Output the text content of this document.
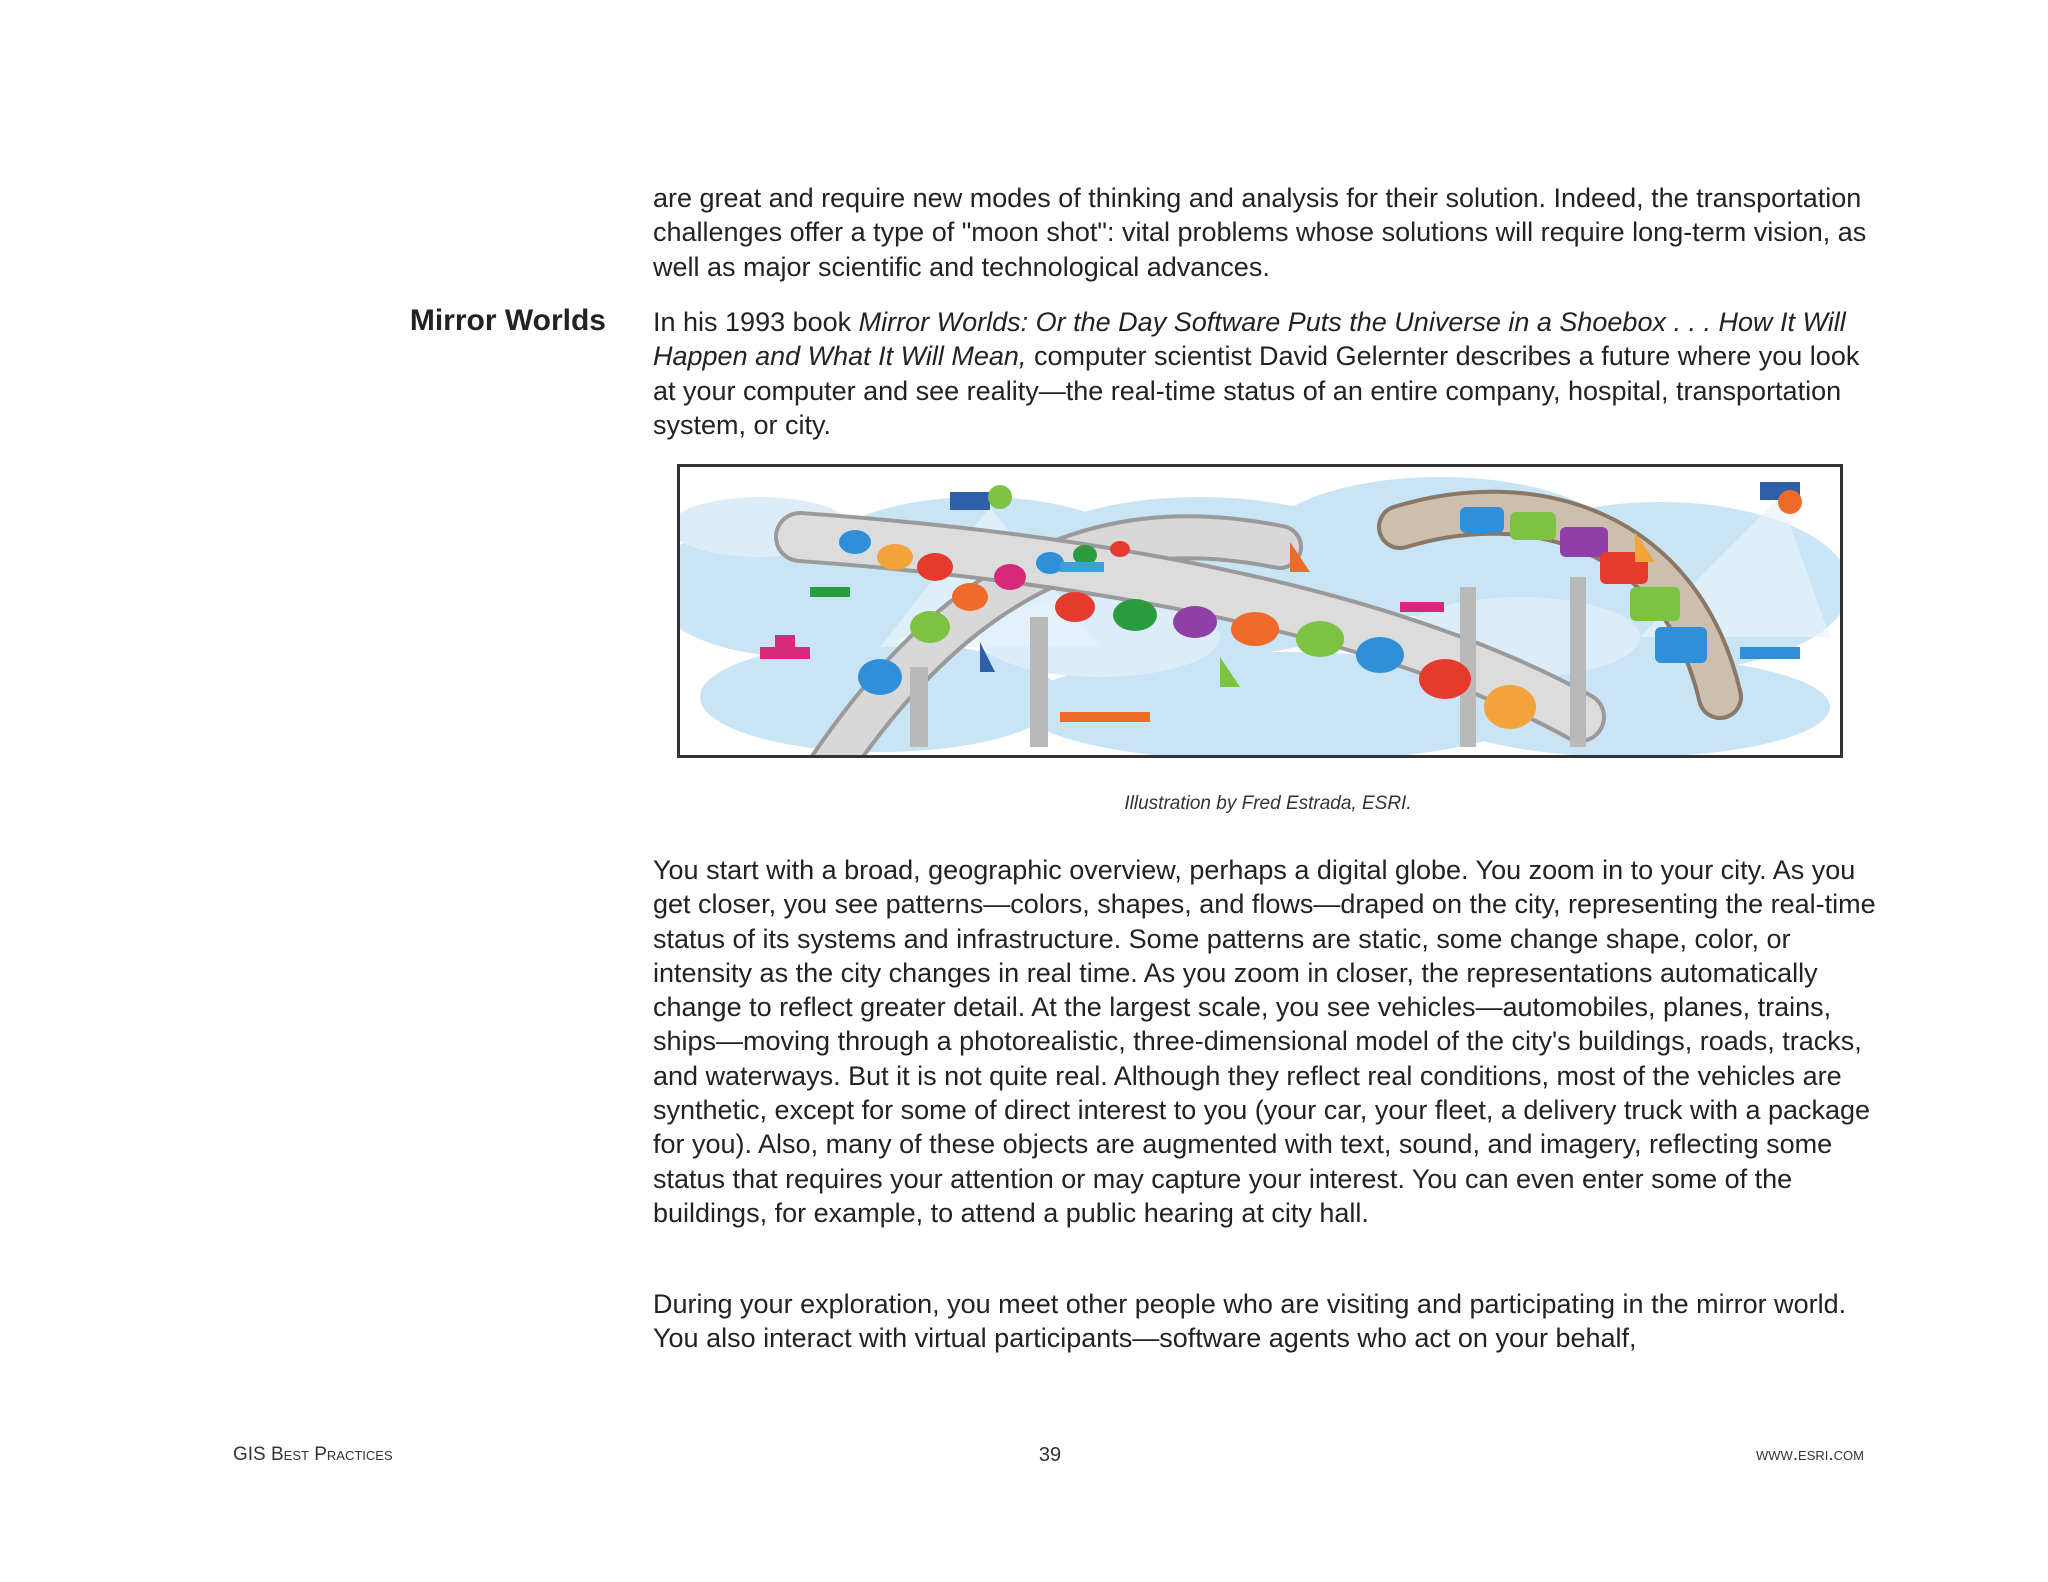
are great and require new modes of thinking and analysis for their solution. Indeed, the transportation challenges offer a type of "moon shot": vital problems whose solutions will require long-term vision, as well as major scientific and technological advances.

Mirror Worlds In his 1993 book Mirror Worlds: Or the Day Software Puts the Universe in a Shoebox . . . How It Will Happen and What It Will Mean, computer scientist David Gelernter describes a future where you look at your computer and see reality—the real-time status of an entire company, hospital, transportation system, or city.

Illustration by Fred Estrada, ESRI.

You start with a broad, geographic overview, perhaps a digital globe. You zoom in to your city. As you get closer, you see patterns—colors, shapes, and flows—draped on the city, representing the real-time status of its systems and infrastructure. Some patterns are static, some change shape, color, or intensity as the city changes in real time. As you zoom in closer, the representations automatically change to reflect greater detail. At the largest scale, you see vehicles—automobiles, planes, trains, ships—moving through a photorealistic, three-dimensional model of the city's buildings, roads, tracks, and waterways. But it is not quite real. Although they reflect real conditions, most of the vehicles are synthetic, except for some of direct interest to you (your car, your fleet, a delivery truck with a package for you). Also, many of these objects are augmented with text, sound, and imagery, reflecting some status that requires your attention or may capture your interest. You can even enter some of the buildings, for example, to attend a public hearing at city hall.

During your exploration, you meet other people who are visiting and participating in the mirror world. You also interact with virtual participants—software agents who act on your behalf,

GIS Best Practices	39	www.esri.com
